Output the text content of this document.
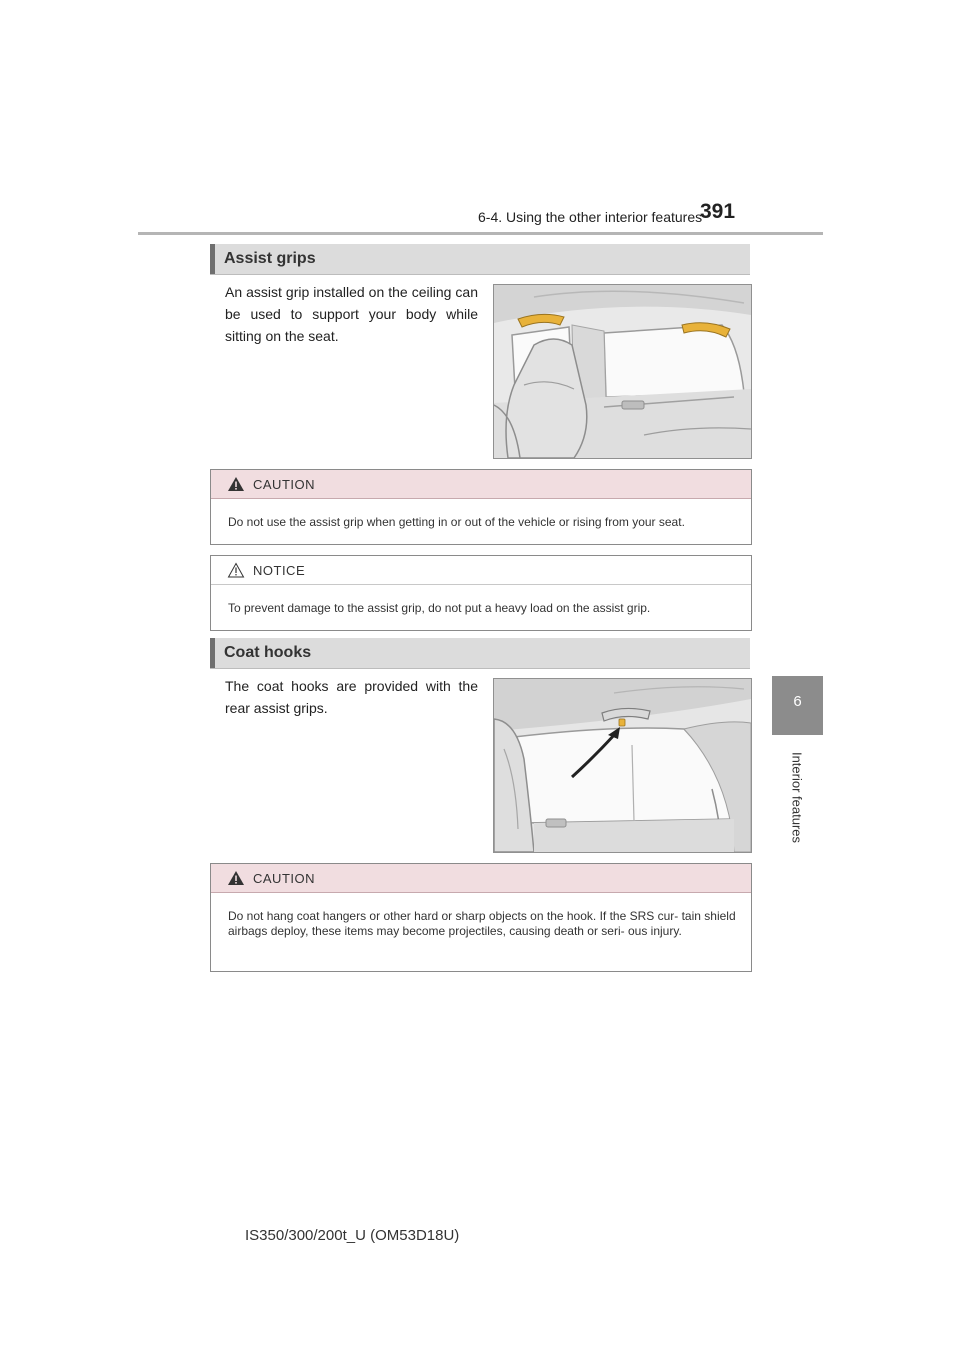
6-4. Using the other interior features
391
6
Interior features
Assist grips
An assist grip installed on the ceiling can be used to support your body while sitting on the seat.
CAUTION
Do not use the assist grip when getting in or out of the vehicle or rising from your seat.
NOTICE
To prevent damage to the assist grip, do not put a heavy load on the assist grip.
Coat hooks
The coat hooks are provided with the rear assist grips.
CAUTION
Do not hang coat hangers or other hard or sharp objects on the hook. If the SRS cur- tain shield airbags deploy, these items may become projectiles, causing death or seri- ous injury.
IS350/300/200t_U (OM53D18U)
